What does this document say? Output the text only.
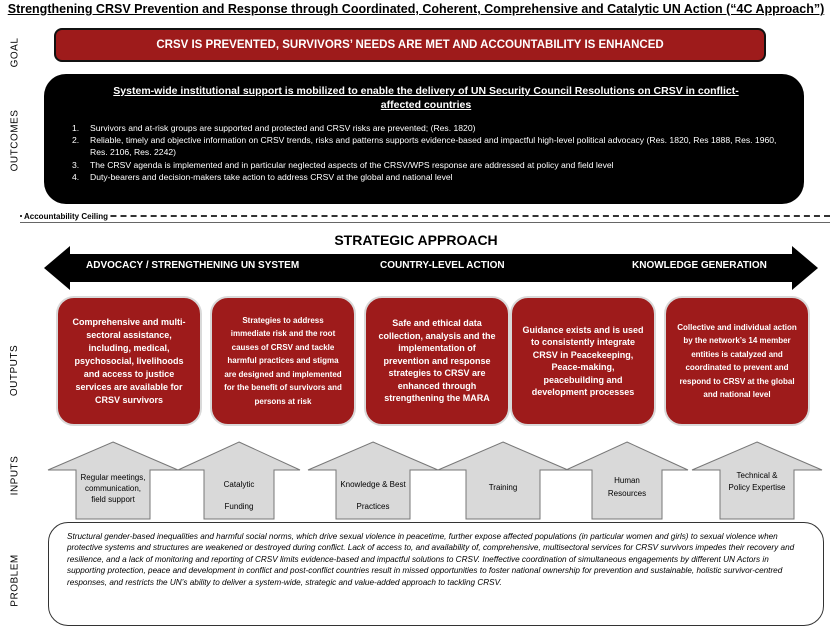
Strengthening CRSV Prevention and Response through Coordinated, Coherent, Comprehensive and Catalytic UN Action (“4C Approach”)
GOAL
OUTCOMES
OUTPUTS
INPUTS
PROBLEM
CRSV IS PREVENTED, SURVIVORS’ NEEDS ARE MET AND ACCOUNTABILITY IS ENHANCED
System-wide institutional support is mobilized to enable the delivery of UN Security Council Resolutions on CRSV in conflict-affected countries
1.	Survivors and at-risk groups are supported and protected and CRSV risks are prevented; (Res. 1820)
2.	Reliable, timely and objective information on CRSV trends, risks and patterns supports evidence-based and impactful high-level political advocacy (Res. 1820, Res 1888, Res. 1960, Res. 2106, Res. 2242)
3.	The CRSV agenda is implemented and in particular neglected aspects of the CRSV/WPS response are addressed at policy and field level
4.	Duty-bearers and decision-makers take action to address CRSV at the global and national level
Accountability Ceiling
STRATEGIC APPROACH
ADVOCACY / STRENGTHENING UN SYSTEM	COUNTRY-LEVEL ACTION	KNOWLEDGE GENERATION
Comprehensive and multi-sectoral assistance, including, medical, psychosocial, livelihoods and access to justice services are available for CRSV survivors
Strategies to address immediate risk and the root causes of CRSV and tackle harmful practices and stigma are designed and implemented for the benefit of survivors and persons at risk
Safe and ethical data collection, analysis and the implementation of prevention and response strategies to CRSV are enhanced through strengthening the MARA
Guidance exists and is used to consistently integrate CRSV in Peacekeeping, Peace-making, peacebuilding and development processes
Collective and individual action by the network’s 14 member entities is catalyzed and coordinated to prevent and respond to CRSV at the global and national level
Regular meetings, communication, field support
Catalytic Funding
Knowledge & Best Practices
Training
Human Resources
Technical & Policy Expertise
Structural gender-based inequalities and harmful social norms, which drive sexual violence in peacetime, further expose affected populations (in particular women and girls) to sexual violence when protective systems and structures are weakened or destroyed during conflict. Lack of access to, and availability of, comprehensive, multisectoral services for CRSV survivors impedes their recovery and resilience, and a lack of monitoring and reporting of CRSV limits evidence-based and impactful solutions to CRSV. Ineffective coordination of simultaneous engagements by different UN Actors in supporting protection, peace and development in conflict and post-conflict countries result in missed opportunities to foster national ownership for prevention and sustainable, holistic survivor-centred responses, and restricts the UN’s ability to deliver a system-wide, strategic and value-added approach to tackling CRSV.
